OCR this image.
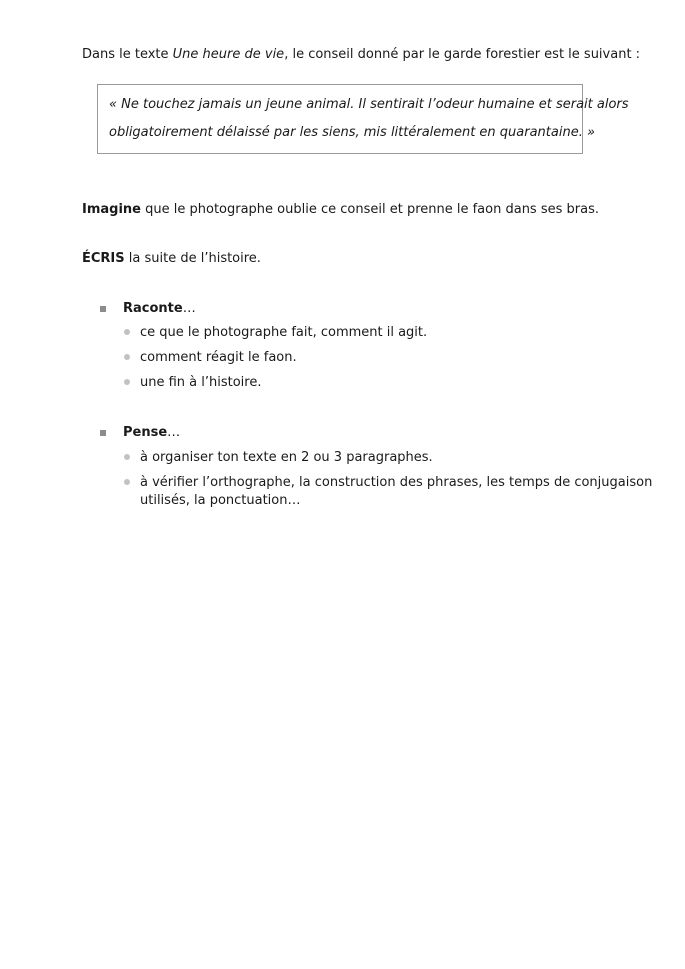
Dans le texte Une heure de vie, le conseil donné par le garde forestier est le suivant :
« Ne touchez jamais un jeune animal. Il sentirait l’odeur humaine et serait alors
obligatoirement délaissé par les siens, mis littéralement en quarantaine. »
Imagine que le photographe oublie ce conseil et prenne le faon dans ses bras.
ÉCRIS la suite de l’histoire.
Raconte…
ce que le photographe fait, comment il agit.
comment réagit le faon.
une fin à l’histoire.
Pense…
à organiser ton texte en 2 ou 3 paragraphes.
à vérifier l’orthographe, la construction des phrases, les temps de conjugaison
utilisés, la ponctuation…
